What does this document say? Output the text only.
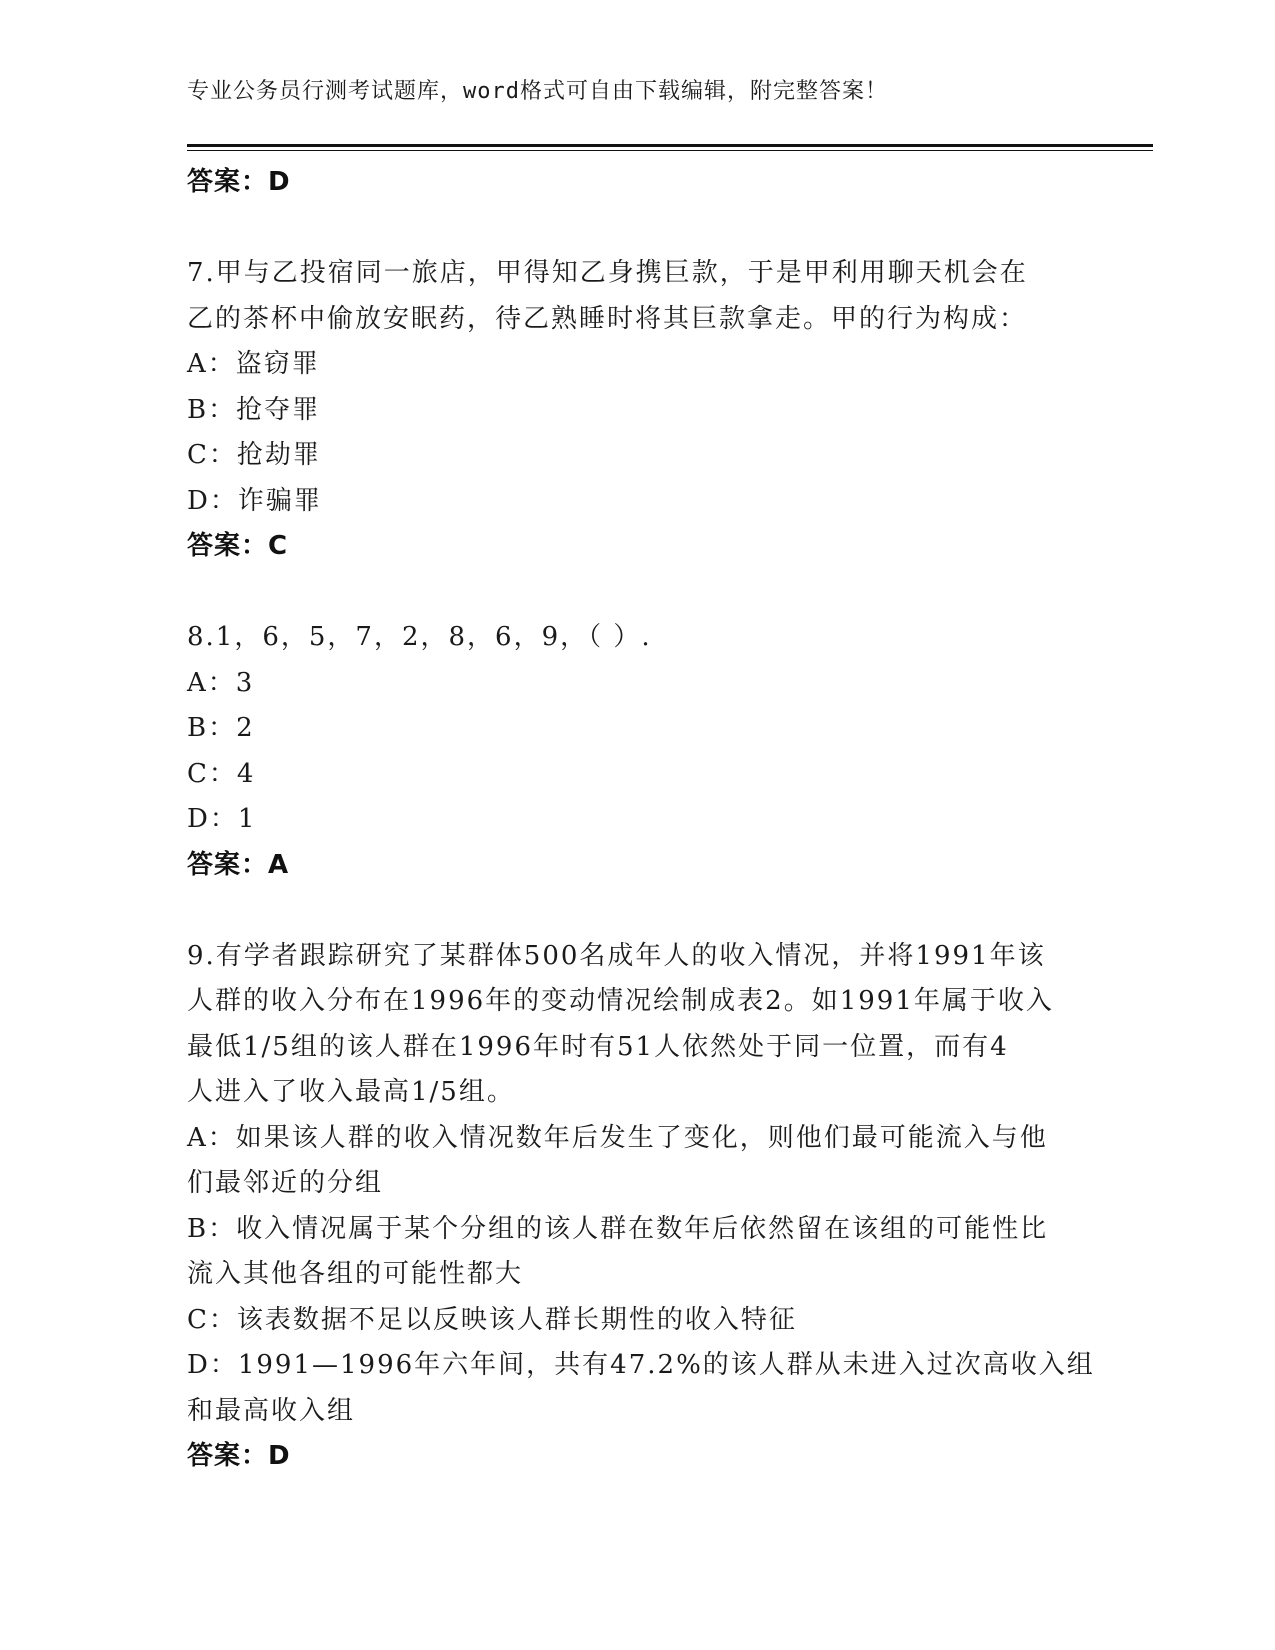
专业公务员行测考试题库，word格式可自由下载编辑，附完整答案！
答案：D
7.甲与乙投宿同一旅店，甲得知乙身携巨款，于是甲利用聊天机会在
乙的茶杯中偷放安眠药，待乙熟睡时将其巨款拿走。甲的行为构成：
A：盗窃罪
B：抢夺罪
C：抢劫罪
D：诈骗罪
答案：C
8.1，6，5，7，2，8，6，9，（ ）.
A：3
B：2
C：4
D：1
答案：A
9.有学者跟踪研究了某群体500名成年人的收入情况，并将1991年该
人群的收入分布在1996年的变动情况绘制成表2。如1991年属于收入
最低1/5组的该人群在1996年时有51人依然处于同一位置，而有4
人进入了收入最高1/5组。
A：如果该人群的收入情况数年后发生了变化，则他们最可能流入与他
们最邻近的分组
B：收入情况属于某个分组的该人群在数年后依然留在该组的可能性比
流入其他各组的可能性都大
C：该表数据不足以反映该人群长期性的收入特征
D：1991—1996年六年间，共有47.2%的该人群从未进入过次高收入组
和最高收入组
答案：D
